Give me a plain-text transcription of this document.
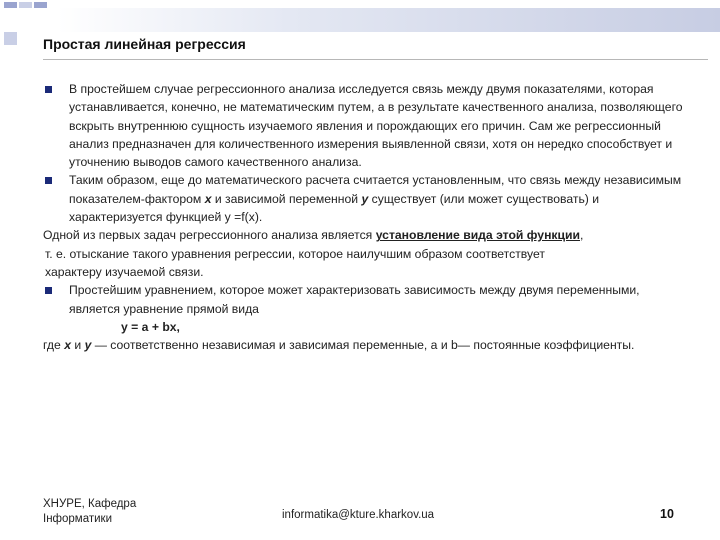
Простая линейная регрессия
В простейшем случае регрессионного анализа исследуется связь между двумя показателями, которая устанавливается, конечно, не математическим путем, а в результате качественного анализа, позволяющего вскрыть внутреннюю сущность изучаемого явления и порождающих его причин. Сам же регрессионный анализ предназначен для количественного измерения выявленной связи, хотя он нередко способствует и уточнению выводов самого качественного анализа.
Таким образом, еще до математического расчета считается установленным, что связь между независимым показателем-фактором x и зависимой переменной y существует (или может существовать) и характеризуется функцией y =f(x).
Одной из первых задач регрессионного анализа является установление вида этой функции,
т. е. отыскание такого уравнения регрессии, которое наилучшим образом соответствует
характеру изучаемой связи.
Простейшим уравнением, которое может характеризовать зависимость между двумя переменными, является уравнение прямой вида
y = a + bx,
где x и y — соответственно независимая и зависимая переменные, а и b— постоянные коэффициенты.
ХНУРЕ, Кафедра
Інформатики	informatika@kture.kharkov.ua	10
